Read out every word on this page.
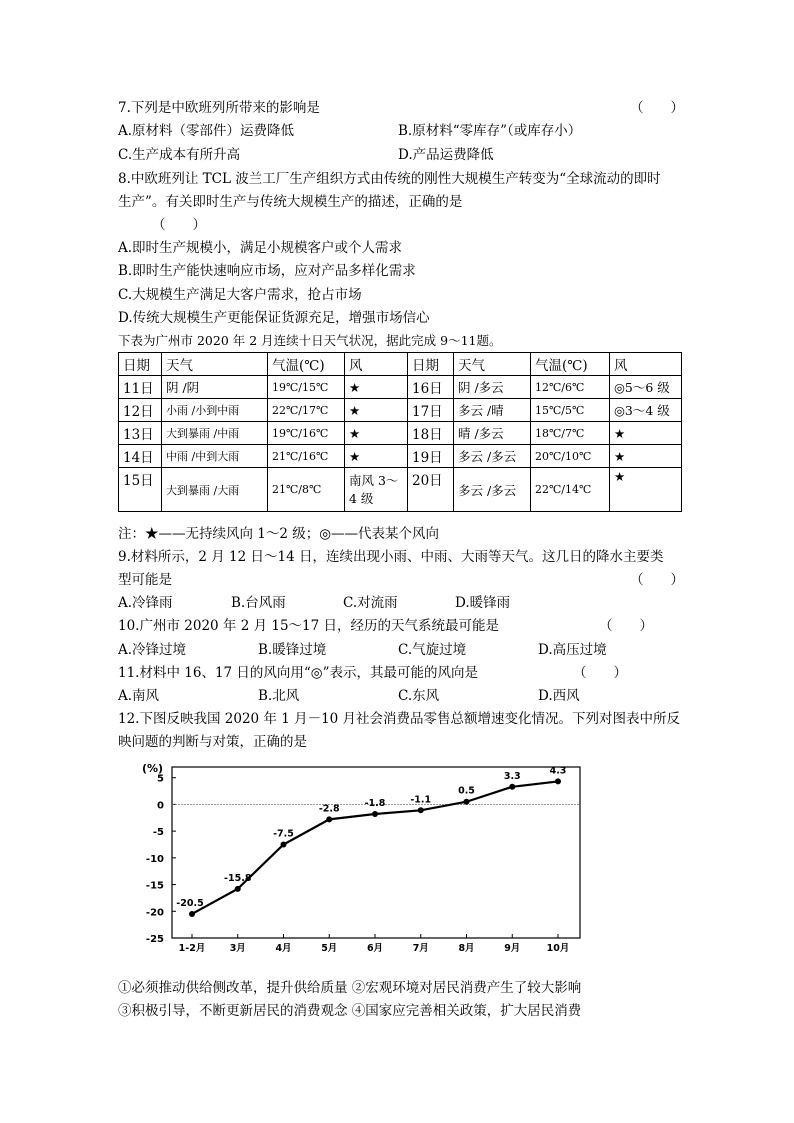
7.下列是中欧班列所带来的影响是	（　　）
A.原材料（零部件）运费降低	B.原材料“零库存”（或库存小）
C.生产成本有所升高	D.产品运费降低
8.中欧班列让 TCL 波兰工厂生产组织方式由传统的刚性大规模生产转变为“全球流动的即时
生产”。有关即时生产与传统大规模生产的描述，正确的是
（　　）
A.即时生产规模小，满足小规模客户或个人需求
B.即时生产能快速响应市场，应对产品多样化需求
C.大规模生产满足大客户需求，抢占市场
D.传统大规模生产更能保证货源充足，增强市场信心
下表为广州市 2020 年 2 月连续十日天气状况，据此完成 9～11题。
日期	天气	气温(℃)	风	日期	天气	气温(℃)	风
11日	阴 /阴	19℃/15℃	★	16日	阴 /多云	12℃/6℃	◎5～6 级
12日	小雨 /小到中雨	22℃/17℃	★	17日	多云 /晴	15℃/5℃	◎3～4 级
13日	大到暴雨 /中雨	19℃/16℃	★	18日	晴 /多云	18℃/7℃	★
14日	中雨 /中到大雨	21℃/16℃	★	19日	多云 /多云	20℃/10℃	★
15日	大到暴雨 /大雨	21℃/8℃	南风 3～4 级	20日	多云 /多云	22℃/14℃	★
注：★——无持续风向 1～2 级；◎——代表某个风向
9.材料所示，2 月 12 日～14 日，连续出现小雨、中雨、大雨等天气。这几日的降水主要类
型可能是	（　　）
A.冷锋雨	B.台风雨	C.对流雨	D.暖锋雨
10.广州市 2020 年 2 月 15～17 日，经历的天气系统最可能是	（　　）
A.冷锋过境	B.暖锋过境	C.气旋过境	D.高压过境
11.材料中 16、17 日的风向用“◎”表示，其最可能的风向是	（　　）
A.南风	B.北风	C.东风	D.西风
12.下图反映我国 2020 年 1 月－10 月社会消费品零售总额增速变化情况。下列对图表中所反
映问题的判断与对策，正确的是
(%)
5
0
-5
-10
-15
-20
-25
1-2月	3月	4月	5月	6月	7月	8月	9月	10月
-20.5
-15.8
-7.5
-2.8	-1.8	-1.1
0.5
3.3	4.3
①必须推动供给侧改革，提升供给质量 ②宏观环境对居民消费产生了较大影响
③积极引导，不断更新居民的消费观念 ④国家应完善相关政策，扩大居民消费
